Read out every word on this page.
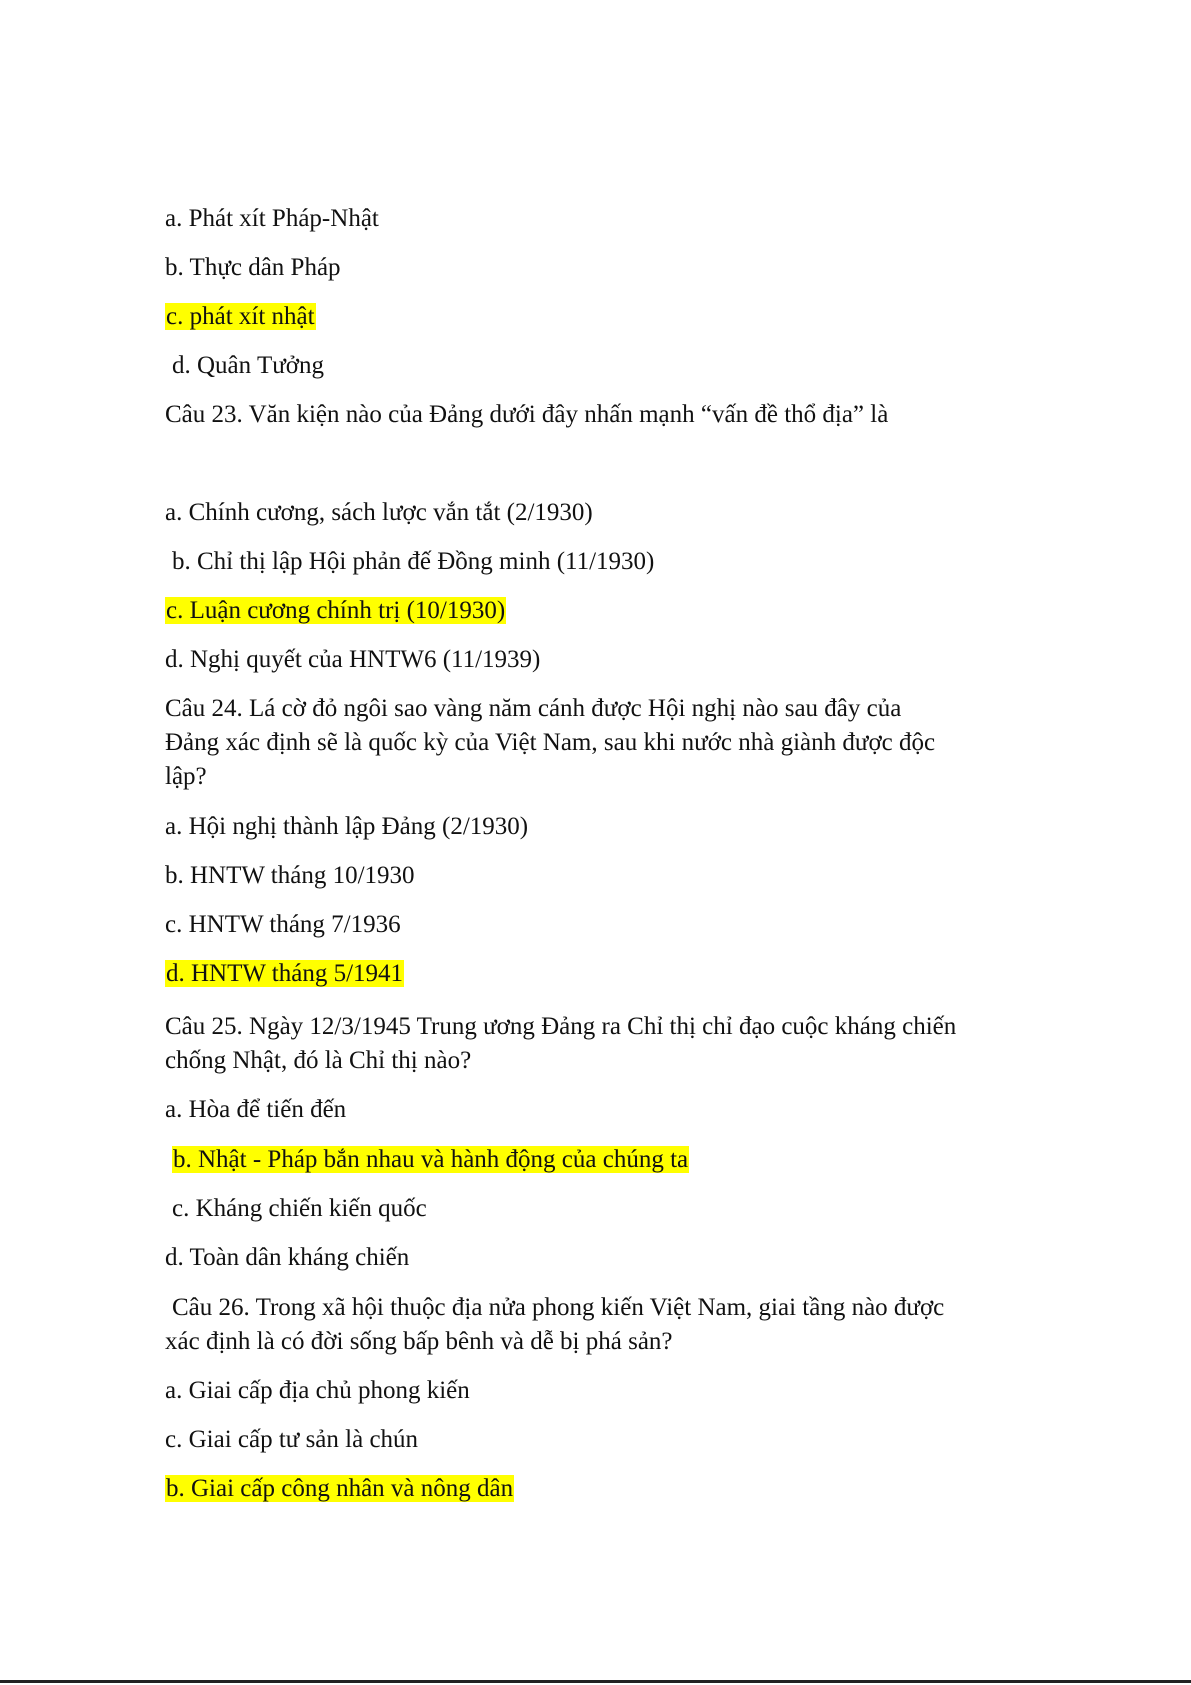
a. Phát xít Pháp-Nhật
b. Thực dân Pháp
c. phát xít nhật
d. Quân Tưởng
Câu 23. Văn kiện nào của Đảng dưới đây nhấn mạnh “vấn đề thổ địa” là
a. Chính cương, sách lược vắn tắt (2/1930)
b. Chỉ thị lập Hội phản đế Đồng minh (11/1930)
c. Luận cương chính trị (10/1930)
d. Nghị quyết của HNTW6 (11/1939)
Câu 24. Lá cờ đỏ ngôi sao vàng năm cánh được Hội nghị nào sau đây của
Đảng xác định sẽ là quốc kỳ của Việt Nam, sau khi nước nhà giành được độc
lập?
a. Hội nghị thành lập Đảng (2/1930)
b. HNTW tháng 10/1930
c. HNTW tháng 7/1936
d. HNTW tháng 5/1941
Câu 25. Ngày 12/3/1945 Trung ương Đảng ra Chỉ thị chỉ đạo cuộc kháng chiến
chống Nhật, đó là Chỉ thị nào?
a. Hòa để tiến đến
b. Nhật - Pháp bắn nhau và hành động của chúng ta
c. Kháng chiến kiến quốc
d. Toàn dân kháng chiến
Câu 26. Trong xã hội thuộc địa nửa phong kiến Việt Nam, giai tầng nào được
xác định là có đời sống bấp bênh và dễ bị phá sản?
a. Giai cấp địa chủ phong kiến
c. Giai cấp tư sản là chún
b. Giai cấp công nhân và nông dân
